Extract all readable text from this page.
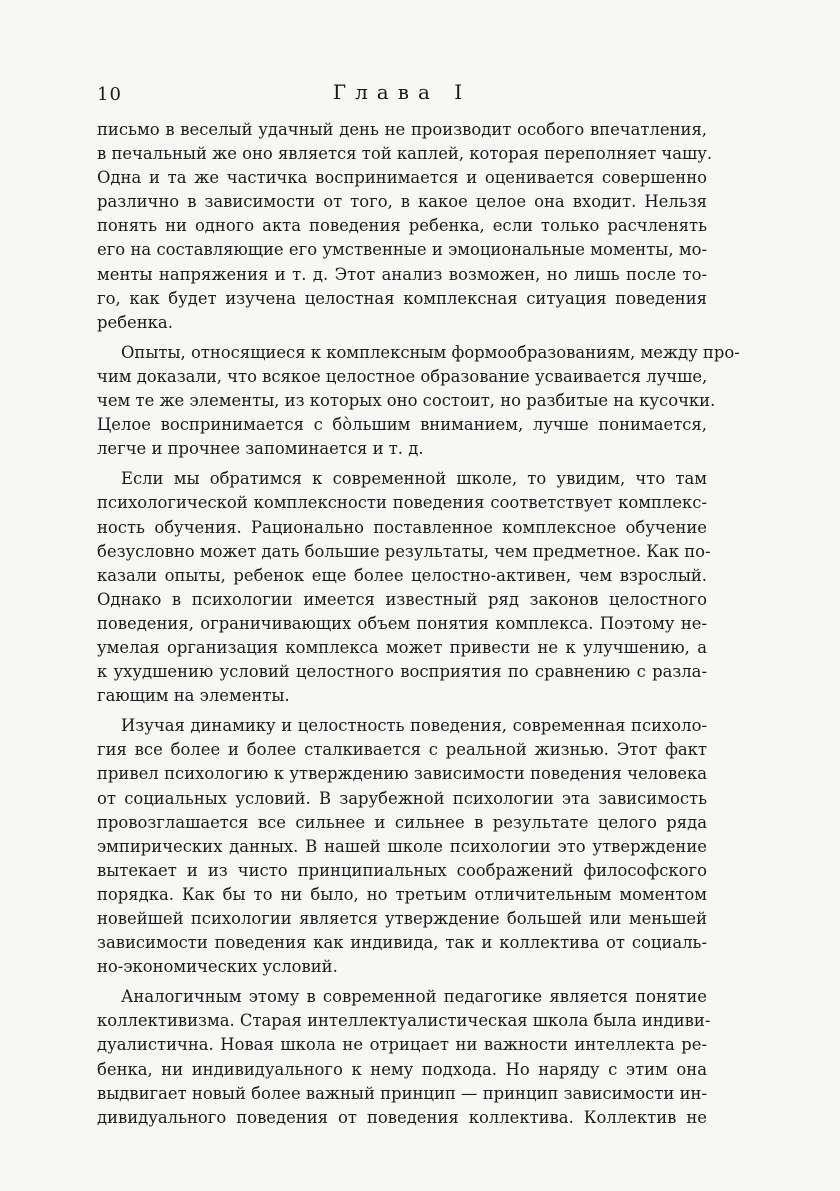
10	Глава I

письмо в веселый удачный день не производит особого впечатления,
в печальный же оно является той каплей, которая переполняет чашу.
Одна и та же частичка воспринимается и оценивается совершенно
различно в зависимости от того, в какое целое она входит. Нельзя
понять ни одного акта поведения ребенка, если только расчленять
его на составляющие его умственные и эмоциональные моменты, мо-
менты напряжения и т. д. Этот анализ возможен, но лишь после то-
го, как будет изучена целостная комплексная ситуация поведения
ребенка.

Опыты, относящиеся к комплексным формообразованиям, между про-
чим доказали, что всякое целостное образование усваивается лучше,
чем те же элементы, из которых оно состоит, но разбитые на кусочки.
Целое воспринимается с бо̀льшим вниманием, лучше понимается,
легче и прочнее запоминается и т. д.

Если мы обратимся к современной школе, то увидим, что там
психологической комплексности поведения соответствует комплекс-
ность обучения. Рационально поставленное комплексное обучение
безусловно может дать большие результаты, чем предметное. Как по-
казали опыты, ребенок еще более целостно-активен, чем взрослый.
Однако в психологии имеется известный ряд законов целостного
поведения, ограничивающих объем понятия комплекса. Поэтому не-
умелая организация комплекса может привести не к улучшению, а
к ухудшению условий целостного восприятия по сравнению с разла-
гающим на элементы.

Изучая динамику и целостность поведения, современная психоло-
гия все более и более сталкивается с реальной жизнью. Этот факт
привел психологию к утверждению зависимости поведения человека
от социальных условий. В зарубежной психологии эта зависимость
провозглашается все сильнее и сильнее в результате целого ряда
эмпирических данных. В нашей школе психологии это утверждение
вытекает и из чисто принципиальных соображений философского
порядка. Как бы то ни было, но третьим отличительным моментом
новейшей психологии является утверждение большей или меньшей
зависимости поведения как индивида, так и коллектива от социаль-
но-экономических условий.

Аналогичным этому в современной педагогике является понятие
коллективизма. Старая интеллектуалистическая школа была индиви-
дуалистична. Новая школа не отрицает ни важности интеллекта ре-
бенка, ни индивидуального к нему подхода. Но наряду с этим она
выдвигает новый более важный принцип — принцип зависимости ин-
дивидуального поведения от поведения коллектива. Коллектив не
